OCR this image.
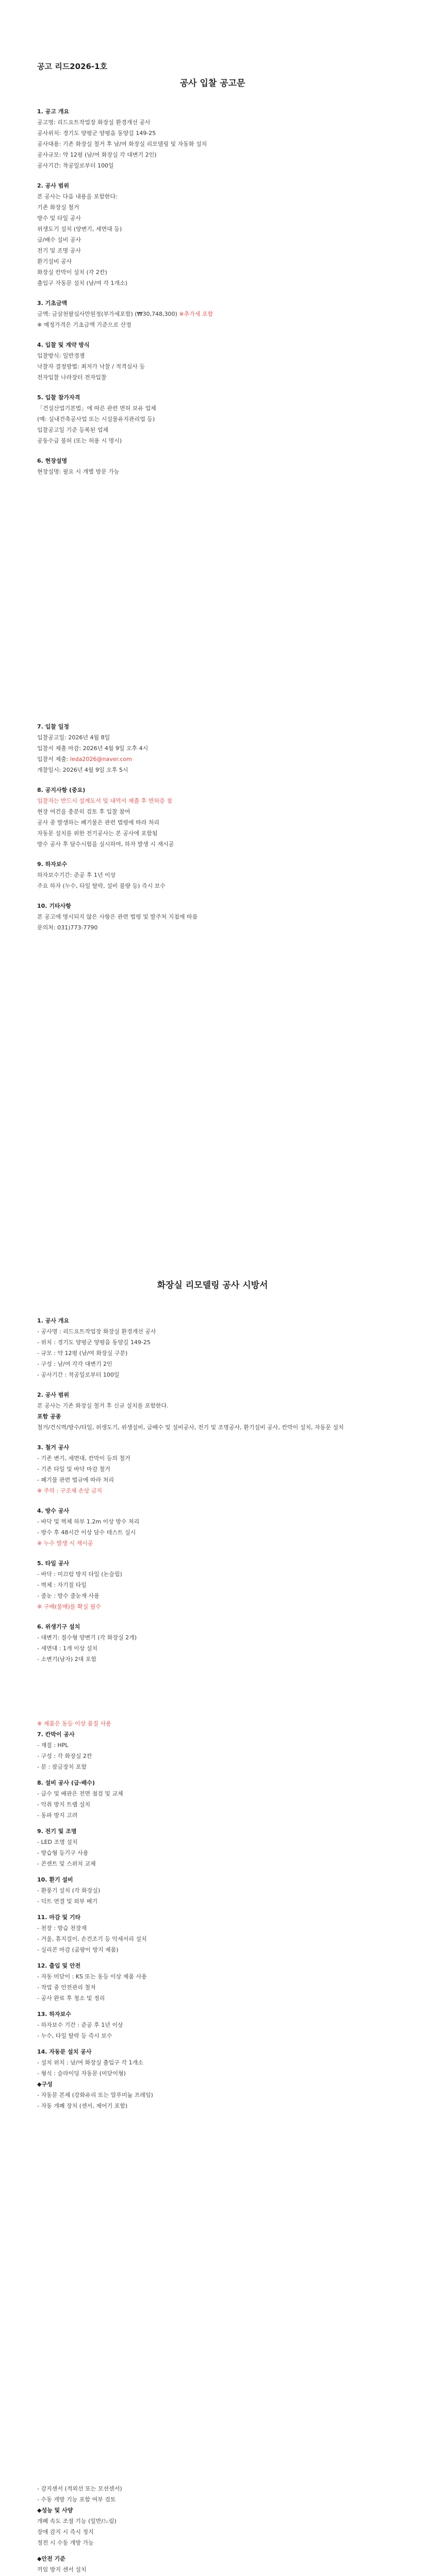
공고 리드2026-1호

공사 입찰 공고문

1. 공고 개요

공고명: 리드요트작업장 화장실 환경개선 공사

공사위치: 경기도 양평군 양평읍 동양길 149-25

공사대용: 기존 화장실 철거 후 남/여 화장실 리모델링 및 자동화 설치

공사규모: 약 12평 (남/여 화장실 각 대변기 2인)

공사기간: 착공일로부터 100일

2. 공사 범위

본 공사는 다음 내용을 포함한다:

기존 화장실 철거

방수 및 타일 공사

위생도기 설치 (양변기, 세면대 등)

급/배수 설비 공사

전기 및 조명 공사

환기설비 공사

화장실 칸막이 설치 (각 2칸)

출입구 자동문 설치 (남/여 각 1개소)

3. 기초금액

금액: 금삼천팔십사만원정(부가세포함) (₩30,748,300) ※추가세 포함

※ 예정가격은 기초금액 기준으로 산정

4. 입찰 및 계약 방식

입찰방식: 일반경쟁

낙찰자 결정방법: 최저가 낙찰 / 적격심사 등

전자입찰 나라장터 전자입찰

5. 입찰 참가자격

「건설산업기본법」에 따른 관련 면허 보유 업체

(예: 실내건축공사업 또는 시설물유지관리업 등)

입찰공고일 기준 등록된 업체

공동수급 불허 (또는 허용 시 명시)

6. 현장설명

현장설명: 필요 시 개별 방문 가능

7. 입찰 일정

입찰공고일: 2026년 4월 8일

입찰서 제출 마감: 2026년 4월 9일 오후 4시

입찰서 제출: leda2026@naver.com

개찰일시: 2026년 4월 9일 오후 5시

8. 공지사항 (중요)

입찰자는 반드시 설계도서 및 내역서 제출 후 면허증 첨

현장 여건을 충분히 검토 후 입찰 참여

공사 중 발생하는 폐기물은 관련 법령에 따라 처리

자동문 설치를 위한 전기공사는 본 공사에 포함됨

방수 공사 후 담수시험을 실시하여, 하자 발생 시 재시공

9. 하자보수

하자보수기간: 준공 후 1년 이상

주요 하자 (누수, 타일 탈락, 설비 불량 등) 즉시 보수

10. 기타사항

본 공고에 명시되지 않은 사항은 관련 법령 및 발주처 지침에 따름

문의처: 031)773-7790

화장실 리모델링 공사 시방서

1. 공사 개요

- 공사명 : 리드요트작업장 화장실 환경개선 공사

- 위치 : 경기도 양평군 양평읍 동양길 149-25

- 규모 : 약 12평 (남/여 화장실 구분)

- 구성 : 남/여 각각 대변기 2인

- 공사기간 : 착공일로부터 100일

2. 공사 범위

본 공사는 기존 화장실 철거 후 신규 설치를 포함한다.

포함 공종

철거/건식벽/방수/타일, 위생도기, 위생설비, 급배수 및 설비공사, 전기 및 조명공사, 환기설비 공사, 칸막이 설치, 자동문 설치

3. 철거 공사

- 기존 변기, 세면대, 칸막이 등의 철거

- 기존 타일 및 바닥 마감 철거

- 폐기물 관련 법규에 따라 처리

※ 주의 : 구조체 손상 금지

4. 방수 공사

- 바닥 및 벽체 하부 1.2m 이상 방수 처리

- 방수 후 48시간 이상 담수 테스트 실시

※ 누수 발생 시 재시공

5. 타일 공사

- 바닥 : 미끄럼 방지 타일 (논슬립)

- 벽체 : 자기질 타일

- 줄눈 : 방수 줄눈재 사용

※ 구배(물매)를 확실 필수

6. 위생기구 설치

- 대변기: 절수형 양변기 (각 화장실 2개)

- 세면대 : 1개 이상 설치

- 소변기(남자) 2대 포함

※ 제품은 동등 이상 품질 사용

7. 칸막이 공사

- 재질 : HPL

- 구성 : 각 화장실 2칸

- 문 : 잠금장치 포함

8. 설비 공사 (급·배수)

- 급수 및 배관은 전면 점검 및 교체

- 악취 방지 트랩 설치

- 동파 방지 고려

9. 전기 및 조명

- LED 조명 설치

- 방습형 등기구 사용

- 콘센트 및 스위치 교체

10. 환기 설비

- 환풍기 설치 (각 화장실)

- 덕트 연결 및 외부 배기

11. 마감 및 기타

- 천장 : 방습 천장재

- 거울, 휴지걸이, 손건조기 등 악세서리 설치

- 실리콘 마감 (곰팡이 방지 제품)

12. 출입 및 안전

- 자동 미닫이 : KS 또는 동등 이상 제품 사용

- 작업 중 안전관리 철저

- 공사 완료 후 청소 및 정리

13. 하자보수

- 하자보수 기간 : 준공 후 1년 이상

- 누수, 타일 탈락 등 즉시 보수

14. 자동문 설치 공사

- 설치 위치 : 남/여 화장실 출입구 각 1개소

- 형식 : 슬라이딩 자동문 (미닫이형)

◆구성

- 자동문 본체 (강화유리 또는 알루미늄 프레임)

- 자동 개폐 장치 (센서, 제어기 포함)

- 감지센서 (적외선 또는 모션센서)

- 수동 개방 기능 포함 여부 검토

◆성능 및 사양

개폐 속도 조절 기능 (일반/느림)

장애 감지 시 즉시 정지

정전 시 수동 개방 가능

◆안전 기준

끼임 방지 센서 설치
